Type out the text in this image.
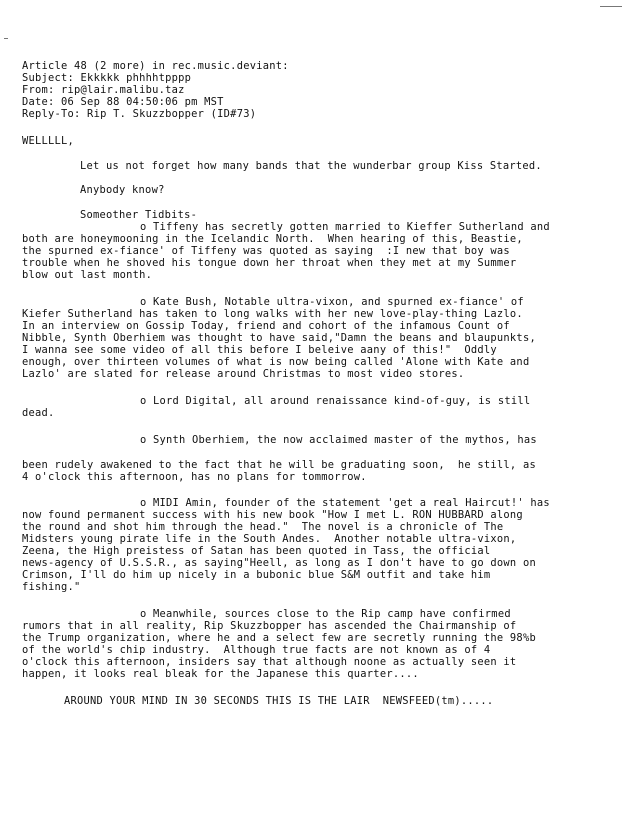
Article 48 (2 more) in rec.music.deviant:

Subject: Ekkkkk phhhhtpppp

From: rip@lair.malibu.taz

Date: 06 Sep 88 04:50:06 pm MST

Reply-To: Rip T. Skuzzbopper (ID#73)

WELLLLL,

Let us not forget how many bands that the wunderbar group Kiss Started.

Anybody know?

Someother Tidbits-

o Tiffeny has secretly gotten married to Kieffer Sutherland and

both are honeymooning in the Icelandic North.  When hearing of this, Beastie,

the spurned ex-fiance' of Tiffeny was quoted as saying  :I new that boy was

trouble when he shoved his tongue down her throat when they met at my Summer

blow out last month.

o Kate Bush, Notable ultra-vixon, and spurned ex-fiance' of

Kiefer Sutherland has taken to long walks with her new love-play-thing Lazlo.

In an interview on Gossip Today, friend and cohort of the infamous Count of

Nibble, Synth Oberhiem was thought to have said,"Damn the beans and blaupunkts,

I wanna see some video of all this before I beleive aany of this!"  Oddly

enough, over thirteen volumes of what is now being called 'Alone with Kate and

Lazlo' are slated for release around Christmas to most video stores.

o Lord Digital, all around renaissance kind-of-guy, is still

dead.

o Synth Oberhiem, the now acclaimed master of the mythos, has

been rudely awakened to the fact that he will be graduating soon,  he still, as

4 o'clock this afternoon, has no plans for tommorrow.

o MIDI Amin, founder of the statement 'get a real Haircut!' has

now found permanent success with his new book "How I met L. RON HUBBARD along

the round and shot him through the head."  The novel is a chronicle of The

Midsters young pirate life in the South Andes.  Another notable ultra-vixon,

Zeena, the High preistess of Satan has been quoted in Tass, the official

news-agency of U.S.S.R., as saying"Heell, as long as I don't have to go down on

Crimson, I'll do him up nicely in a bubonic blue S&M outfit and take him

fishing."

o Meanwhile, sources close to the Rip camp have confirmed

rumors that in all reality, Rip Skuzzbopper has ascended the Chairmanship of

the Trump organization, where he and a select few are secretly running the 98%b

of the world's chip industry.  Although true facts are not known as of 4

o'clock this afternoon, insiders say that although noone as actually seen it

happen, it looks real bleak for the Japanese this quarter....

AROUND YOUR MIND IN 30 SECONDS THIS IS THE LAIR  NEWSFEED(tm).....
